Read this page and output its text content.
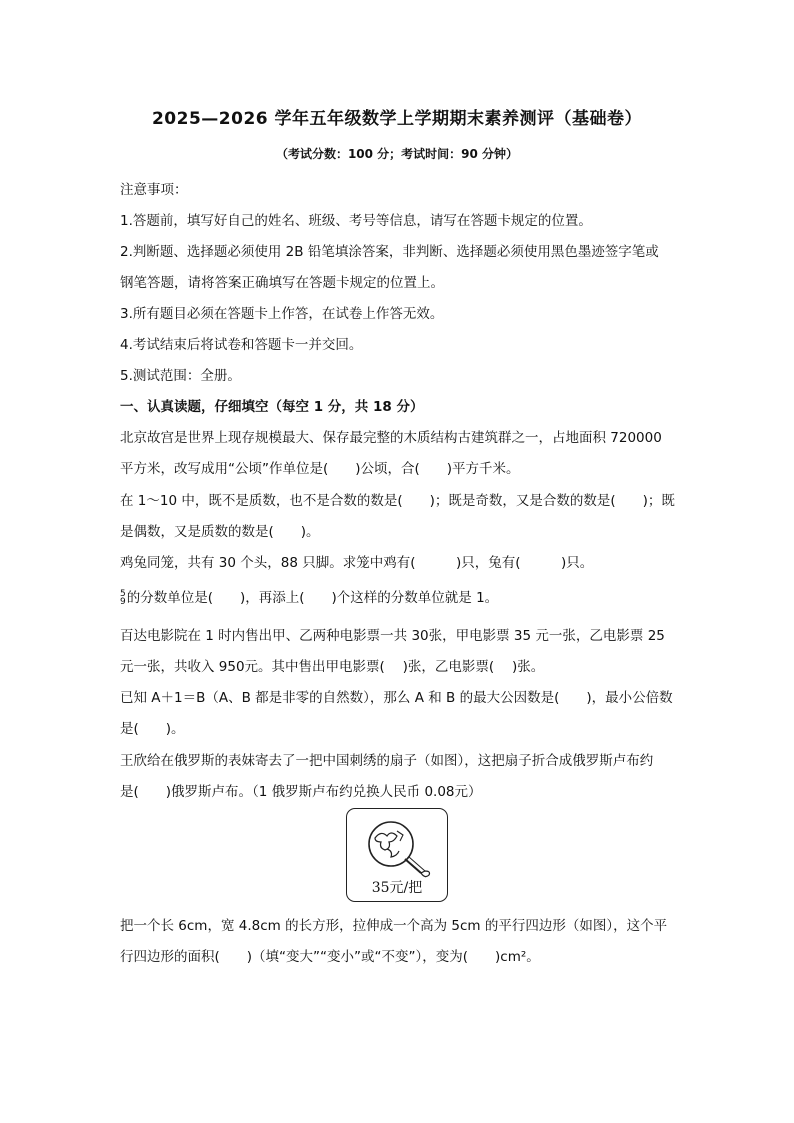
2025—2026 学年五年级数学上学期期末素养测评（基础卷）
（考试分数：100 分；考试时间：90 分钟）
注意事项：
1.答题前，填写好自己的姓名、班级、考号等信息，请写在答题卡规定的位置。
2.判断题、选择题必须使用 2B 铅笔填涂答案，非判断、选择题必须使用黑色墨迹签字笔或
钢笔答题，请将答案正确填写在答题卡规定的位置上。
3.所有题目必须在答题卡上作答，在试卷上作答无效。
4.考试结束后将试卷和答题卡一并交回。
5.测试范围：全册。
一、认真读题，仔细填空（每空 1 分，共 18 分）
北京故宫是世界上现存规模最大、保存最完整的木质结构古建筑群之一，占地面积 720000
平方米，改写成用“公顷”作单位是(　　)公顷，合(　　)平方千米。
在 1～10 中，既不是质数，也不是合数的数是(　　)；既是奇数，又是合数的数是(　　)；既
是偶数，又是质数的数是(　　)。
鸡兔同笼，共有 30 个头，88 只脚。求笼中鸡有(　　　)只，兔有(　　　)只。
5
9 的分数单位是(　　)，再添上(　　)个这样的分数单位就是 1。
百达电影院在 1 时内售出甲、乙两种电影票一共 30张，甲电影票 35 元一张，乙电影票 25
元一张，共收入 950元。其中售出甲电影票(　 )张，乙电影票(　 )张。
已知 A＋1＝B（A、B 都是非零的自然数），那么 A 和 B 的最大公因数是(　　)，最小公倍数
是(　　)。
王欣给在俄罗斯的表妹寄去了一把中国刺绣的扇子（如图），这把扇子折合成俄罗斯卢布约
是(　　)俄罗斯卢布。（1 俄罗斯卢布约兑换人民币 0.08元）
35元/把
把一个长 6cm，宽 4.8cm 的长方形，拉伸成一个高为 5cm 的平行四边形（如图），这个平
行四边形的面积(　　)（填“变大”“变小”或“不变”），变为(　　)cm²。
